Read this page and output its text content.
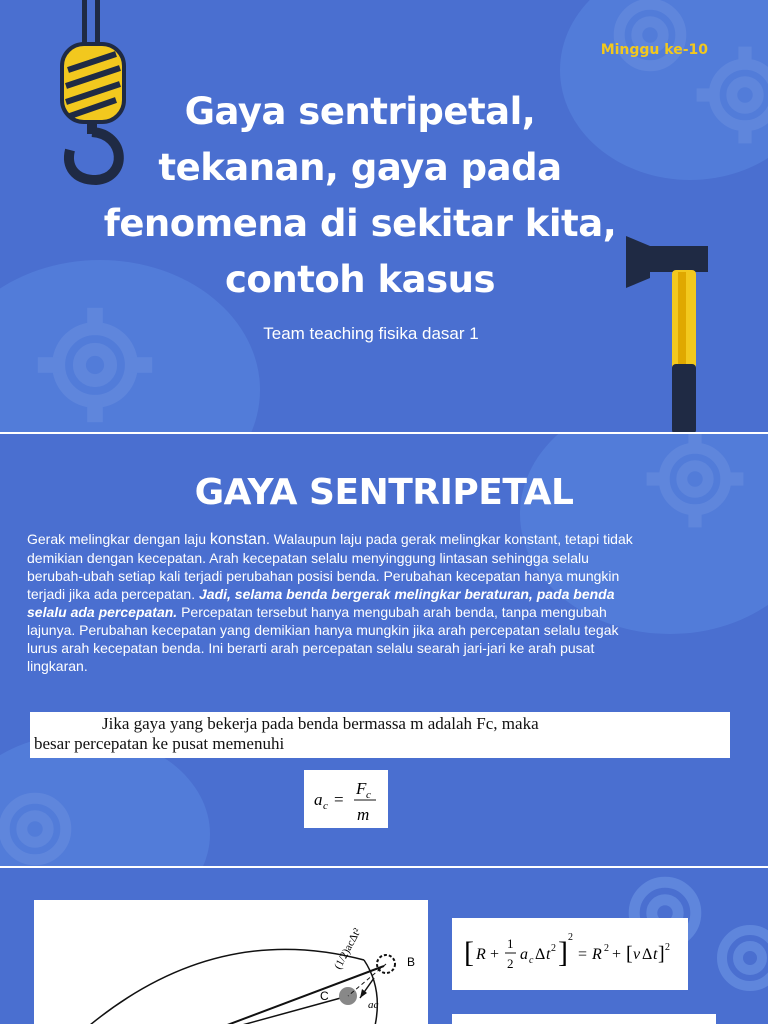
Minggu ke-10
Gaya sentripetal, tekanan, gaya pada fenomena di sekitar kita, contoh kasus
Team teaching fisika dasar 1
GAYA SENTRIPETAL
Gerak melingkar dengan laju konstan. Walaupun laju pada gerak melingkar konstant, tetapi tidak demikian dengan kecepatan. Arah kecepatan selalu menyinggung lintasan sehingga selalu berubah-ubah setiap kali terjadi perubahan posisi benda. Perubahan kecepatan hanya mungkin terjadi jika ada percepatan. Jadi, selama benda bergerak melingkar beraturan, pada benda selalu ada percepatan. Percepatan tersebut hanya mengubah arah benda, tanpa mengubah lajunya. Perubahan kecepatan yang demikian hanya mungkin jika arah percepatan selalu tegak lurus arah kecepatan benda. Ini berarti arah percepatan selalu searah jari-jari ke arah pusat lingkaran.
Jika gaya yang bekerja pada benda bermassa m adalah Fc, maka
besar percepatan ke pusat memenuhi
a c =
F c
m
B
C
ac
(1/2)acΔt²	[ R +
1
2
a c Δ t 2 ] 2
= R 2 + [ v Δ t ] 2
